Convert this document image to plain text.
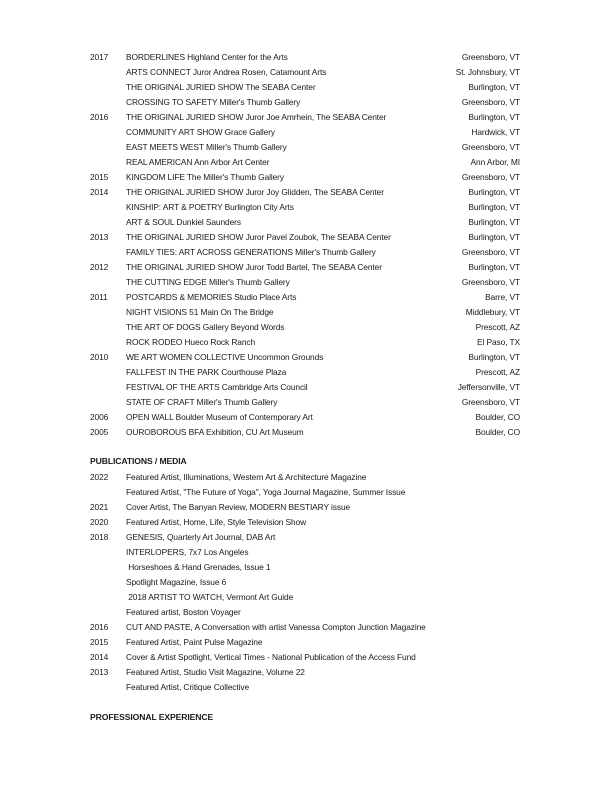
2017 BORDERLINES Highland Center for the Arts	Greensboro, VT
ARTS CONNECT Juror Andrea Rosen, Catamount Arts	St. Johnsbury, VT
THE ORIGINAL JURIED SHOW The SEABA Center	Burlington, VT
CROSSING TO SAFETY Miller's Thumb Gallery	Greensboro, VT
2016 THE ORIGINAL JURIED SHOW Juror Joe Amrhein, The SEABA Center	Burlington, VT
COMMUNITY ART SHOW Grace Gallery	Hardwick, VT
EAST MEETS WEST Miller's Thumb Gallery	Greensboro, VT
REAL AMERICAN Ann Arbor Art Center	Ann Arbor, MI
2015 KINGDOM LIFE The Miller's Thumb Gallery	Greensboro, VT
2014 THE ORIGINAL JURIED SHOW Juror Joy Glidden, The SEABA Center	Burlington, VT
KINSHIP: ART & POETRY Burlington City Arts	Burlington, VT
ART & SOUL Dunkiel Saunders	Burlington, VT
2013 THE ORIGINAL JURIED SHOW Juror Pavel Zoubok, The SEABA Center	Burlington, VT
FAMILY TIES: ART ACROSS GENERATIONS Miller's Thumb Gallery	Greensboro, VT
2012 THE ORIGINAL JURIED SHOW Juror Todd Bartel, The SEABA Center	Burlington, VT
THE CUTTING EDGE Miller's Thumb Gallery	Greensboro, VT
2011 POSTCARDS & MEMORIES Studio Place Arts	Barre, VT
NIGHT VISIONS 51 Main On The Bridge	Middlebury, VT
THE ART OF DOGS Gallery Beyond Words	Prescott, AZ
ROCK RODEO Hueco Rock Ranch	El Paso, TX
2010 WE ART WOMEN COLLECTIVE Uncommon Grounds	Burlington, VT
FALLFEST IN THE PARK Courthouse Plaza	Prescott, AZ
FESTIVAL OF THE ARTS Cambridge Arts Council	Jeffersonville, VT
STATE OF CRAFT Miller's Thumb Gallery	Greensboro, VT
2006 OPEN WALL Boulder Museum of Contemporary Art	Boulder, CO
2005 OUROBOROUS BFA Exhibition, CU Art Museum	Boulder, CO
PUBLICATIONS / MEDIA
2022 Featured Artist, Illuminations, Western Art & Architecture Magazine
Featured Artist, "The Future of Yoga", Yoga Journal Magazine, Summer Issue
2021 Cover Artist, The Banyan Review, MODERN BESTIARY issue
2020 Featured Artist, Home, Life, Style Television Show
2018 GENESIS, Quarterly Art Journal, DAB Art
INTERLOPERS, 7x7 Los Angeles
Horseshoes & Hand Grenades, Issue 1
Spotlight Magazine, Issue 6
2018 ARTIST TO WATCH, Vermont Art Guide
Featured artist, Boston Voyager
2016 CUT AND PASTE, A Conversation with artist Vanessa Compton Junction Magazine
2015 Featured Artist, Paint Pulse Magazine
2014 Cover & Artist Spotlight, Vertical Times - National Publication of the Access Fund
2013 Featured Artist, Studio Visit Magazine, Volume 22
Featured Artist, Critique Collective
PROFESSIONAL EXPERIENCE
